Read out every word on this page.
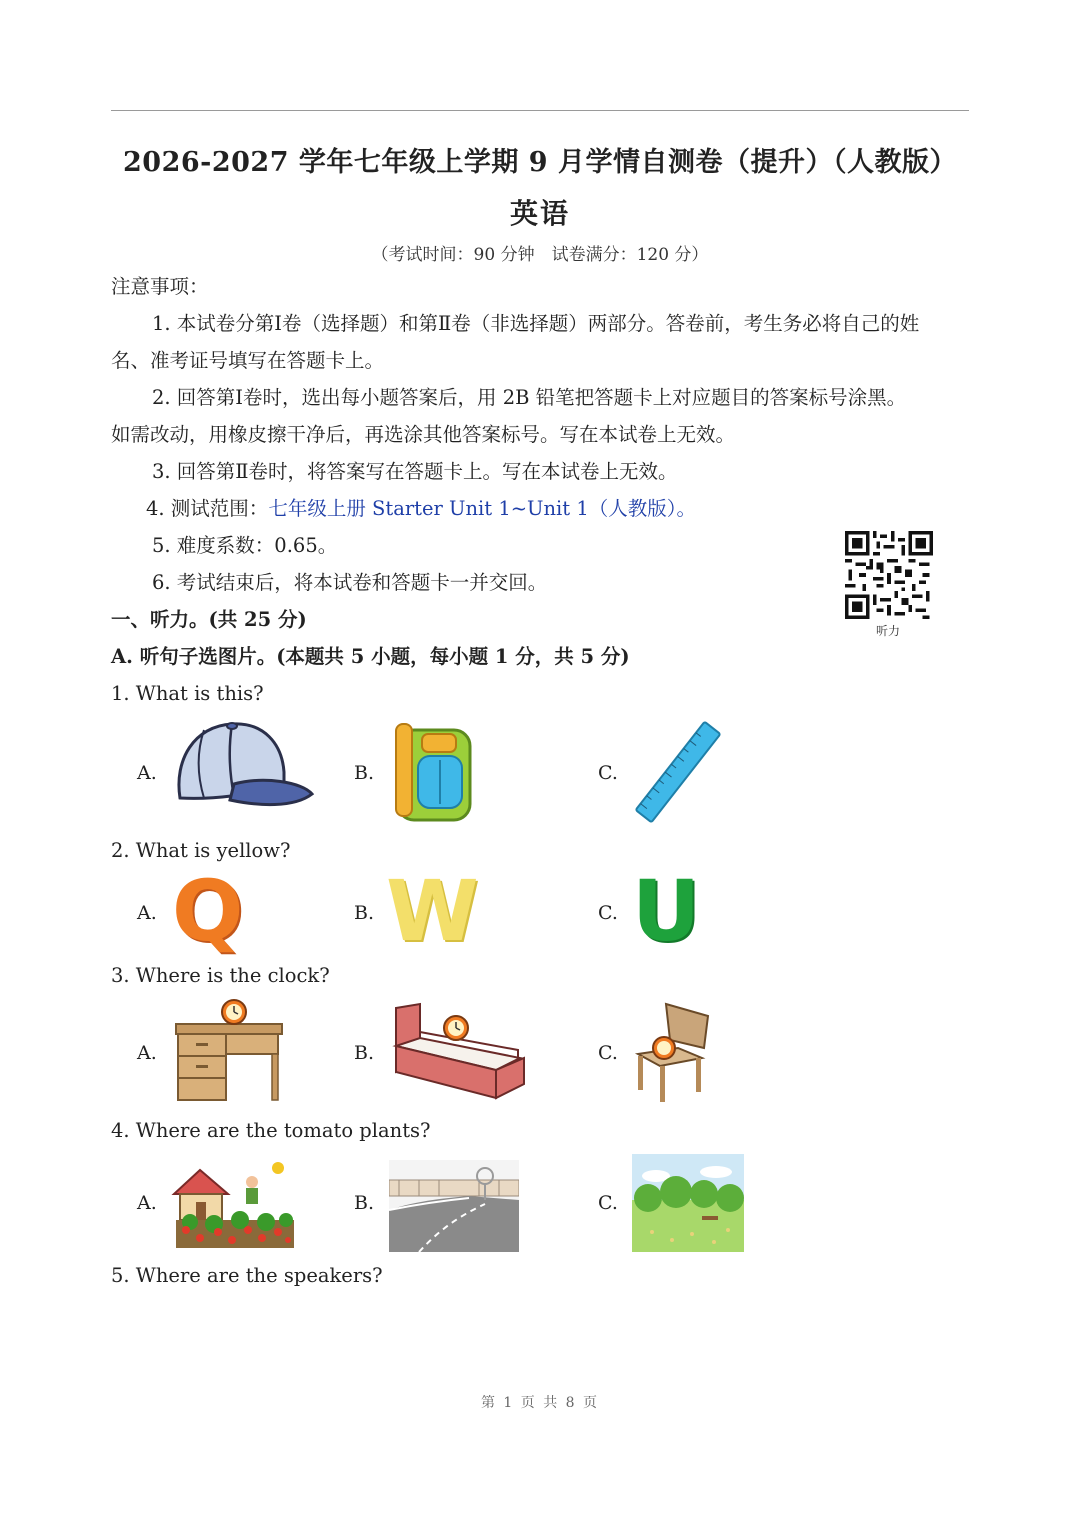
2026-2027 学年七年级上学期 9 月学情自测卷（提升）（人教版）
英语
（考试时间：90 分钟　试卷满分：120 分）
注意事项：
1. 本试卷分第Ⅰ卷（选择题）和第Ⅱ卷（非选择题）两部分。答卷前，考生务必将自己的姓
名、准考证号填写在答题卡上。
2. 回答第Ⅰ卷时，选出每小题答案后，用 2B 铅笔把答题卡上对应题目的答案标号涂黑。
如需改动，用橡皮擦干净后，再选涂其他答案标号。写在本试卷上无效。
3. 回答第Ⅱ卷时，将答案写在答题卡上。写在本试卷上无效。
4. 测试范围：七年级上册 Starter Unit 1~Unit 1（人教版）。
5. 难度系数：0.65。
6. 考试结束后，将本试卷和答题卡一并交回。
听力
一、听力。(共 25 分)
A. 听句子选图片。(本题共 5 小题，每小题 1 分，共 5 分)
1. What is this?
A.	B.	C.
2. What is yellow?
A. Q	B. W	C. U
3. Where is the clock?
A.	B.	C.
4. Where are the tomato plants?
A.	B.	C.
5. Where are the speakers?
第 1 页 共 8 页
